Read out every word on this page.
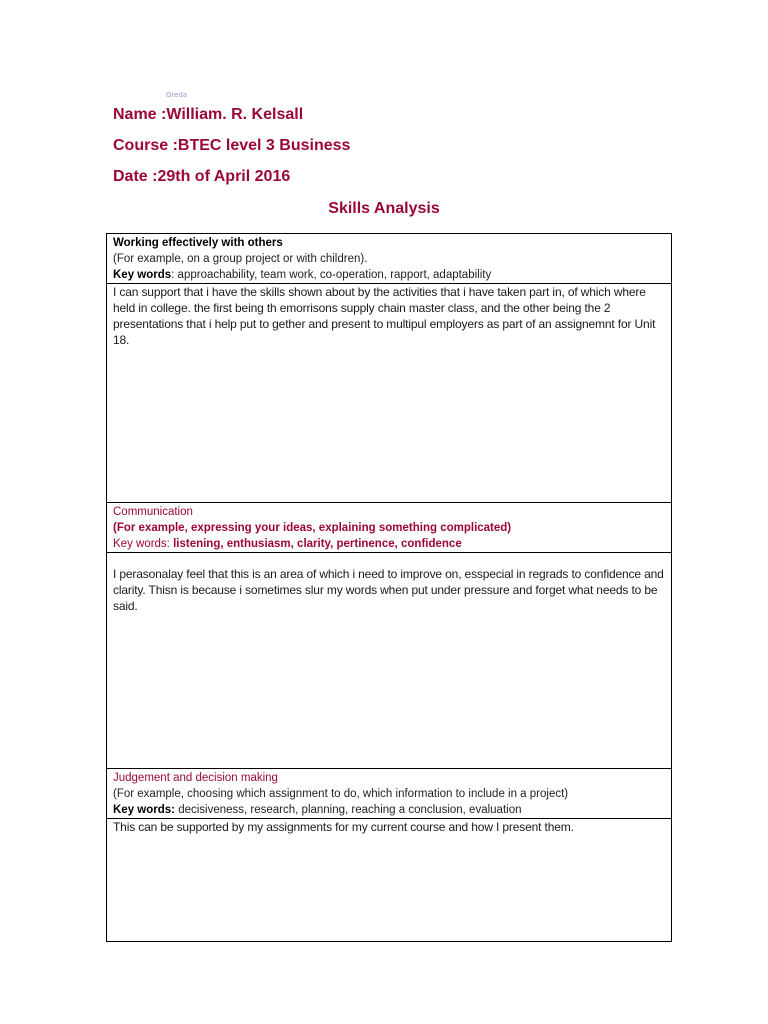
Greda
Name :William. R. Kelsall
Course :BTEC level 3 Business
Date :29th of April 2016
Skills Analysis
Working effectively with others
(For example, on a group project or with children).
Key words: approachability, team work, co-operation, rapport, adaptability

I can support that i have the skills shown about by the activities that i have taken part in, of which where held in college. the first being th emorrisons supply chain master class, and the other being the 2 presentations that i help put to gether and present to multipul employers as part of an assignemnt for Unit 18.

Communication
(For example, expressing your ideas, explaining something complicated)
Key words: listening, enthusiasm, clarity, pertinence, confidence

I perasonalay feel that this is an area of which i need to improve on, esspecial in regrads to confidence and clarity. Thisn is because i sometimes slur my words when put under pressure and forget what needs to be said.

Judgement and decision making
(For example, choosing which assignment to do, which information to include in a project)
Key words: decisiveness, research, planning, reaching a conclusion, evaluation

This can be supported by my assignments for my current course and how I present them.
